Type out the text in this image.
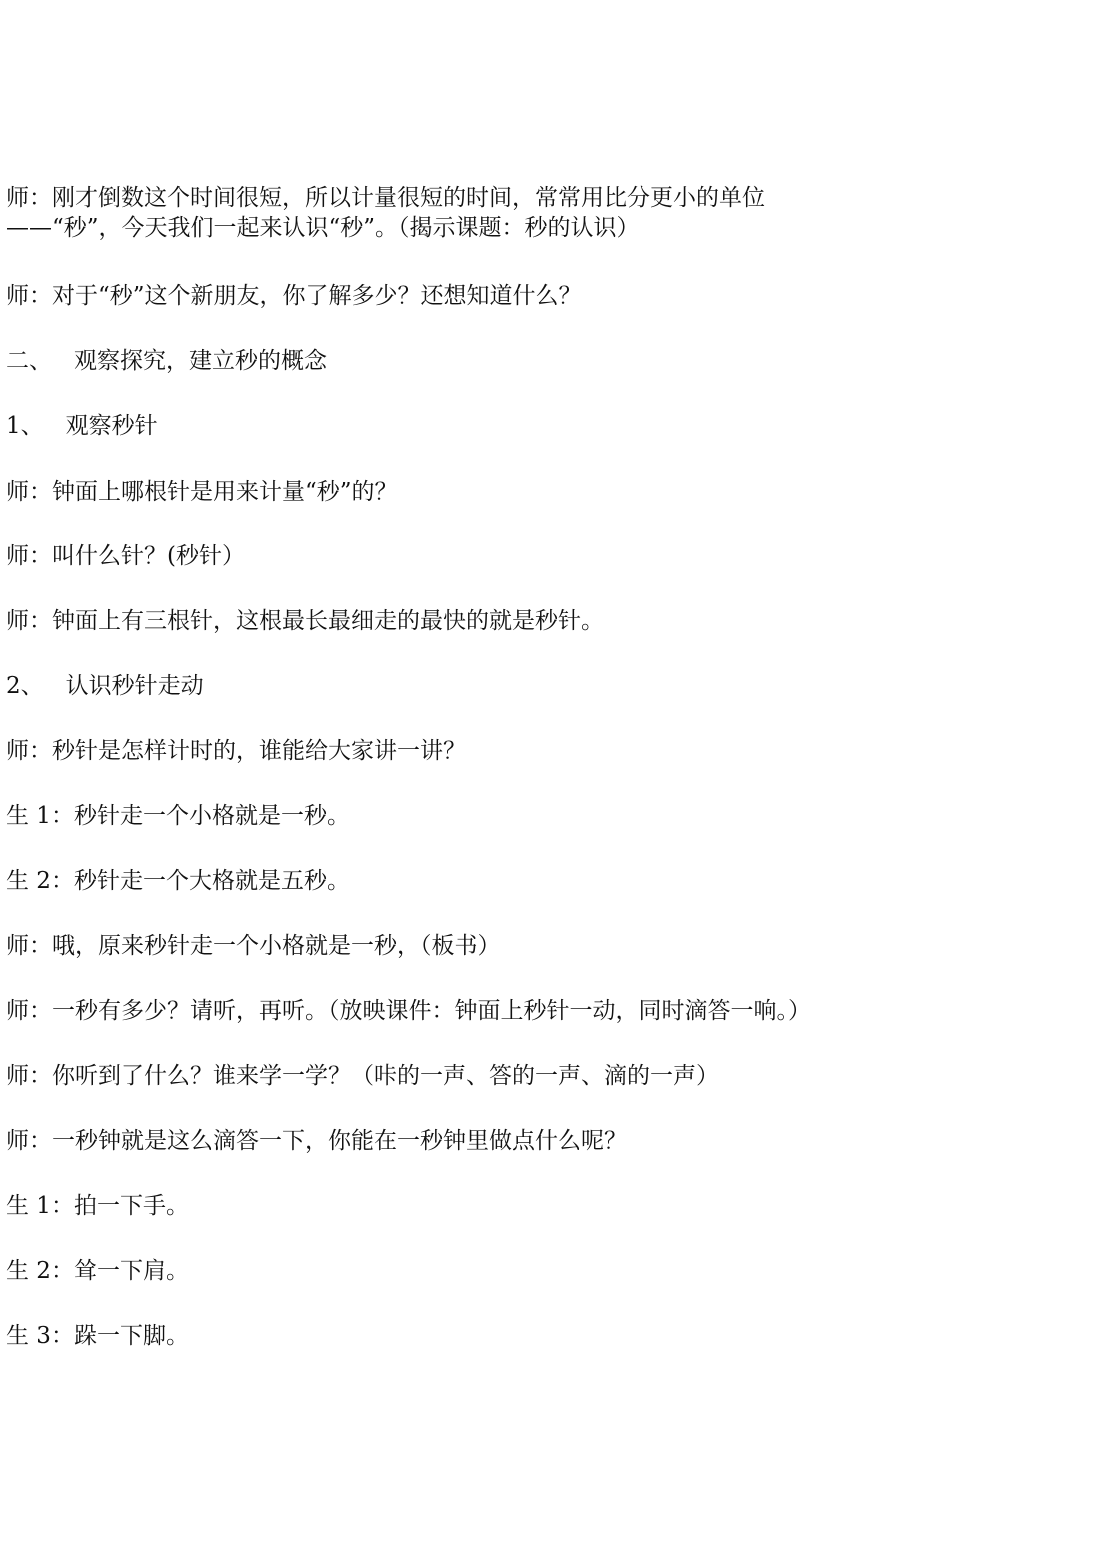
师：刚才倒数这个时间很短，所以计量很短的时间，常常用比分更小的单位
——“秒”，今天我们一起来认识“秒”。（揭示课题：秒的认识）
师：对于“秒”这个新朋友，你了解多少？还想知道什么？
二、 观察探究，建立秒的概念
1、 观察秒针
师：钟面上哪根针是用来计量“秒”的？
师：叫什么针？(秒针）
师：钟面上有三根针，这根最长最细走的最快的就是秒针。
2、 认识秒针走动
师：秒针是怎样计时的，谁能给大家讲一讲？
生 1：秒针走一个小格就是一秒。
生 2：秒针走一个大格就是五秒。
师：哦，原来秒针走一个小格就是一秒，（板书）
师：一秒有多少？请听，再听。（放映课件：钟面上秒针一动，同时滴答一响。）
师：你听到了什么？谁来学一学？（咔的一声、答的一声、滴的一声）
师：一秒钟就是这么滴答一下，你能在一秒钟里做点什么呢？
生 1：拍一下手。
生 2：耸一下肩。
生 3：跺一下脚。
